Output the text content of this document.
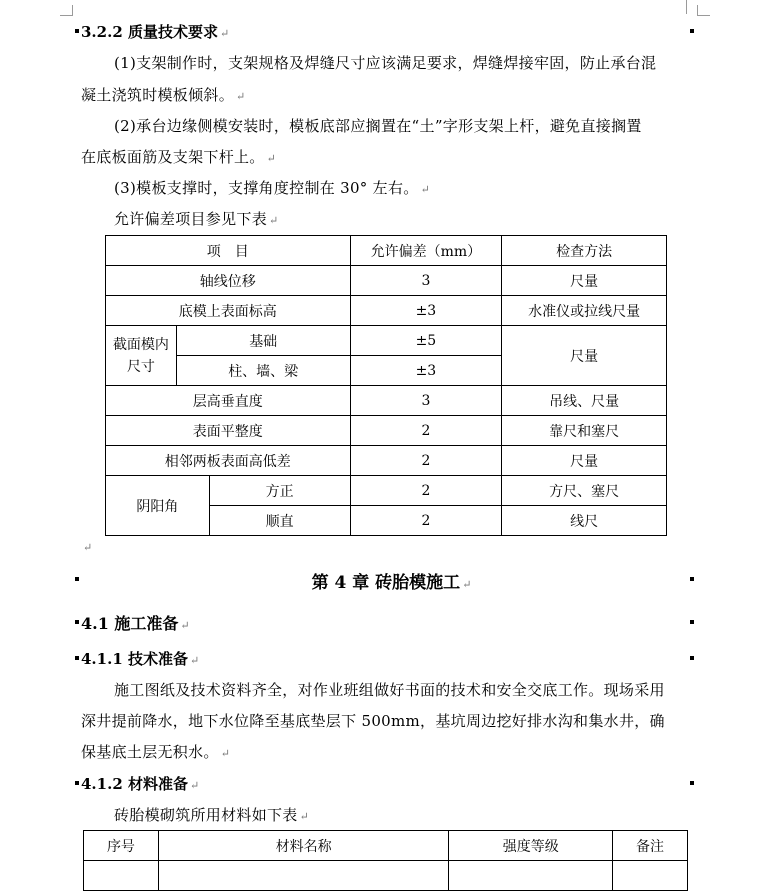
3.2.2 质量技术要求 ↵
(1)支架制作时，支架规格及焊缝尺寸应该满足要求，焊缝焊接牢固，防止承台混
凝土浇筑时模板倾斜。 ↵
(2)承台边缘侧模安装时，模板底部应搁置在“土”字形支架上杆，避免直接搁置
在底板面筋及支架下杆上。 ↵
(3)模板支撑时，支撑角度控制在 30° 左右。 ↵
允许偏差项目参见下表 ↵
项　目			允许偏差（mm）	检查方法
轴线位移			3	尺量
底模上表面标高			±3	水准仪或拉线尺量
截面模内尺寸	基础		±5	尺量
	柱、墙、梁		±3	
层高垂直度			3	吊线、尺量
表面平整度			2	靠尺和塞尺
相邻两板表面高低差			2	尺量
阴阳角		方正	2	方尺、塞尺
		顺直	2	线尺
↵
第 4 章 砖胎模施工 ↵
4.1 施工准备 ↵
4.1.1 技术准备 ↵
施工图纸及技术资料齐全，对作业班组做好书面的技术和安全交底工作。现场采用
深井提前降水，地下水位降至基底垫层下 500mm，基坑周边挖好排水沟和集水井，确
保基底土层无积水。 ↵
4.1.2 材料准备 ↵
砖胎模砌筑所用材料如下表 ↵
序号	材料名称	强度等级	备注
